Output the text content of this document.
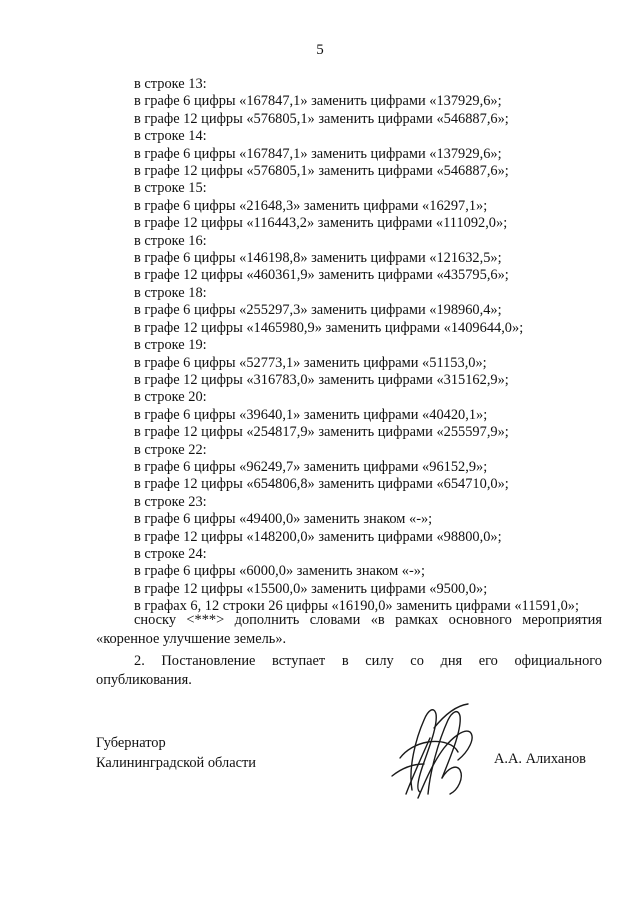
5
в строке 13:
в графе 6 цифры «167847,1» заменить цифрами «137929,6»;
в графе 12 цифры «576805,1» заменить цифрами «546887,6»;
в строке 14:
в графе 6 цифры «167847,1» заменить цифрами «137929,6»;
в графе 12 цифры «576805,1» заменить цифрами «546887,6»;
в строке 15:
в графе 6 цифры «21648,3» заменить цифрами «16297,1»;
в графе 12 цифры «116443,2» заменить цифрами «111092,0»;
в строке 16:
в графе 6 цифры «146198,8» заменить цифрами «121632,5»;
в графе 12 цифры «460361,9» заменить цифрами «435795,6»;
в строке 18:
в графе 6 цифры «255297,3» заменить цифрами «198960,4»;
в графе 12 цифры «1465980,9» заменить цифрами «1409644,0»;
в строке 19:
в графе 6 цифры «52773,1» заменить цифрами «51153,0»;
в графе 12 цифры «316783,0» заменить цифрами «315162,9»;
в строке 20:
в графе 6 цифры «39640,1» заменить цифрами «40420,1»;
в графе 12 цифры «254817,9» заменить цифрами «255597,9»;
в строке 22:
в графе 6 цифры «96249,7» заменить цифрами «96152,9»;
в графе 12 цифры «654806,8» заменить цифрами «654710,0»;
в строке 23:
в графе 6 цифры «49400,0» заменить знаком «-»;
в графе 12 цифры «148200,0» заменить цифрами «98800,0»;
в строке 24:
в графе 6 цифры «6000,0» заменить знаком «-»;
в графе 12 цифры «15500,0» заменить цифрами «9500,0»;
в графах 6, 12 строки 26 цифры «16190,0» заменить цифрами «11591,0»;
сноску <***> дополнить словами «в рамках основного мероприятия
«коренное улучшение земель».
2. Постановление вступает в силу со дня его официального
опубликования.
Губернатор
Калининградской области	А.А. Алиханов
